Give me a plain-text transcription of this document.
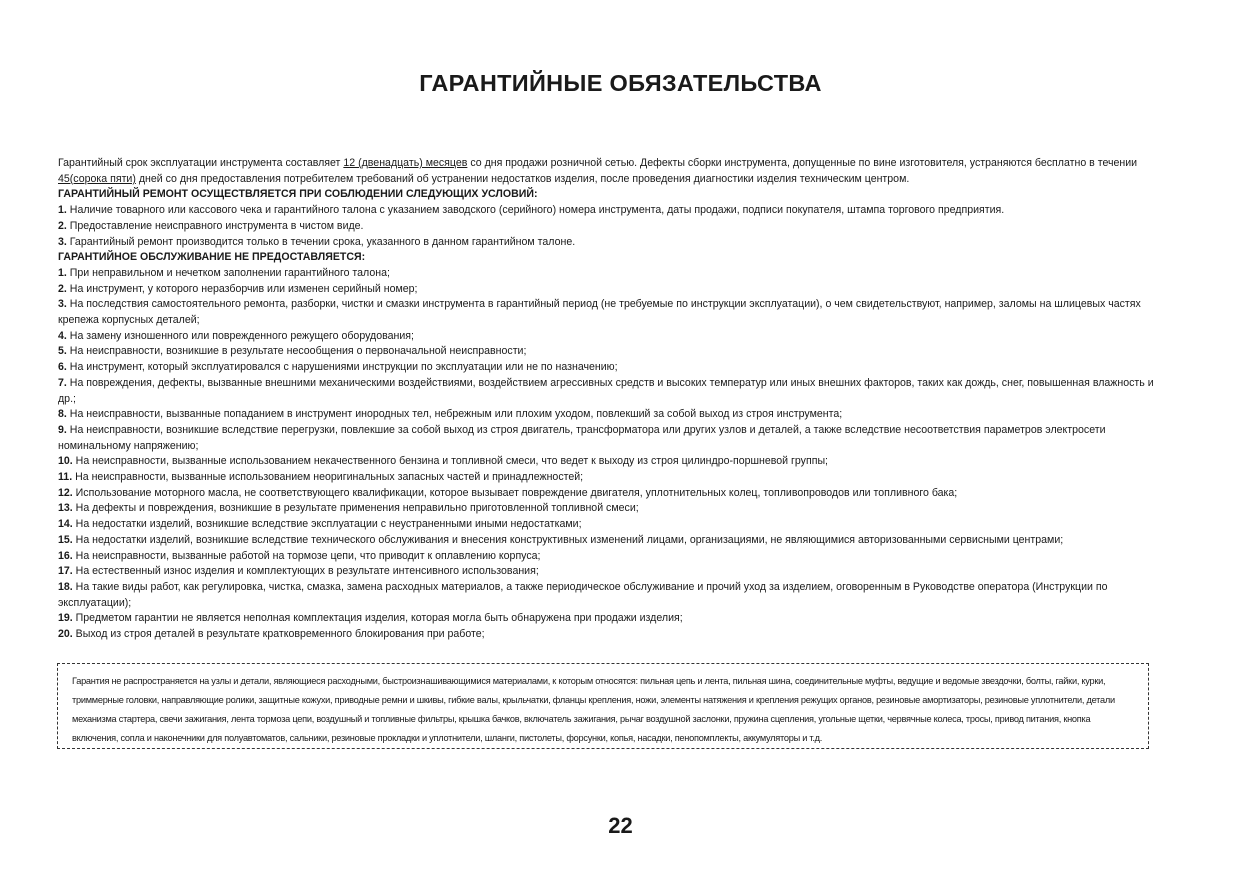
ГАРАНТИЙНЫЕ ОБЯЗАТЕЛЬСТВА

Гарантийный срок эксплуатации инструмента составляет 12 (двенадцать) месяцев со дня продажи розничной сетью. Дефекты сборки инструмента, допущенные по вине изготовителя, устраняются бесплатно в течении 45(сорока пяти) дней со дня предоставления потребителем требований об устранении недостатков изделия, после проведения диагностики изделия техническим центром.

ГАРАНТИЙНЫЙ РЕМОНТ ОСУЩЕСТВЛЯЕТСЯ ПРИ СОБЛЮДЕНИИ СЛЕДУЮЩИХ УСЛОВИЙ:

1. Наличие товарного или кассового чека и гарантийного талона с указанием заводского (серийного) номера инструмента, даты продажи, подписи покупателя, штампа торгового предприятия.

2. Предоставление неисправного инструмента в чистом виде.

3. Гарантийный ремонт производится только в течении срока, указанного в данном гарантийном талоне.

ГАРАНТИЙНОЕ ОБСЛУЖИВАНИЕ НЕ ПРЕДОСТАВЛЯЕТСЯ:

1. При неправильном и нечетком заполнении гарантийного талона;

2. На инструмент, у которого неразборчив или изменен серийный номер;

3. На последствия самостоятельного ремонта, разборки, чистки и смазки инструмента в гарантийный период (не требуемые по инструкции эксплуатации), о чем свидетельствуют, например, заломы на шлицевых частях крепежа корпусных деталей;

4. На замену изношенного или поврежденного режущего оборудования;

5. На неисправности, возникшие в результате несообщения о первоначальной неисправности;

6. На инструмент, который эксплуатировался с нарушениями инструкции по эксплуатации или не по назначению;

7. На повреждения, дефекты, вызванные внешними механическими воздействиями, воздействием агрессивных средств и высоких температур или иных внешних факторов, таких как дождь, снег, повышенная влажность и др.;

8. На неисправности, вызванные попаданием в инструмент инородных тел, небрежным или плохим уходом, повлекший за собой выход из строя инструмента;

9. На неисправности, возникшие вследствие перегрузки, повлекшие за собой выход из строя двигатель, трансформатора или других узлов и деталей, а также вследствие несоответствия параметров электросети номинальному напряжению;

10. На неисправности, вызванные использованием некачественного бензина и топливной смеси, что ведет к выходу из строя цилиндро-поршневой группы;

11. На неисправности, вызванные использованием неоригинальных запасных частей и принадлежностей;

12. Использование моторного масла, не соответствующего квалификации, которое вызывает повреждение двигателя, уплотнительных колец, топливопроводов или топливного бака;

13. На дефекты и повреждения, возникшие в результате применения неправильно приготовленной топливной смеси;

14. На недостатки изделий, возникшие вследствие эксплуатации с неустраненными иными недостатками;

15. На недостатки изделий, возникшие вследствие технического обслуживания и внесения конструктивных изменений лицами, организациями, не являющимися авторизованными сервисными центрами;

16. На неисправности, вызванные работой на тормозе цепи, что приводит к оплавлению корпуса;

17. На естественный износ изделия и комплектующих в результате интенсивного использования;

18. На такие виды работ, как регулировка, чистка, смазка, замена расходных материалов, а также периодическое обслуживание и прочий уход за изделием, оговоренным в Руководстве оператора (Инструкции по эксплуатации);

19. Предметом гарантии не является неполная комплектация изделия, которая могла быть обнаружена при продажи изделия;

20. Выход из строя деталей в результате кратковременного блокирования при работе;

Гарантия не распространяется на узлы и детали, являющиеся расходными, быстроизнашивающимися материалами, к которым относятся: пильная цепь и лента, пильная шина, соединительные муфты, ведущие и ведомые звездочки, болты, гайки, курки, триммерные головки, направляющие ролики, защитные кожухи, приводные ремни и шкивы, гибкие валы, крыльчатки, фланцы крепления, ножи, элементы натяжения и крепления режущих органов, резиновые амортизаторы, резиновые уплотнители, детали механизма стартера, свечи зажигания, лента тормоза цепи, воздушный и топливные фильтры, крышка бачков, включатель зажигания, рычаг воздушной заслонки, пружина сцепления, угольные щетки, червячные колеса, тросы, привод питания, кнопка включения, сопла и наконечники для полуавтоматов, сальники, резиновые прокладки и уплотнители, шланги, пистолеты, форсунки, копья, насадки, пенопомплекты, аккумуляторы и т.д.

22
